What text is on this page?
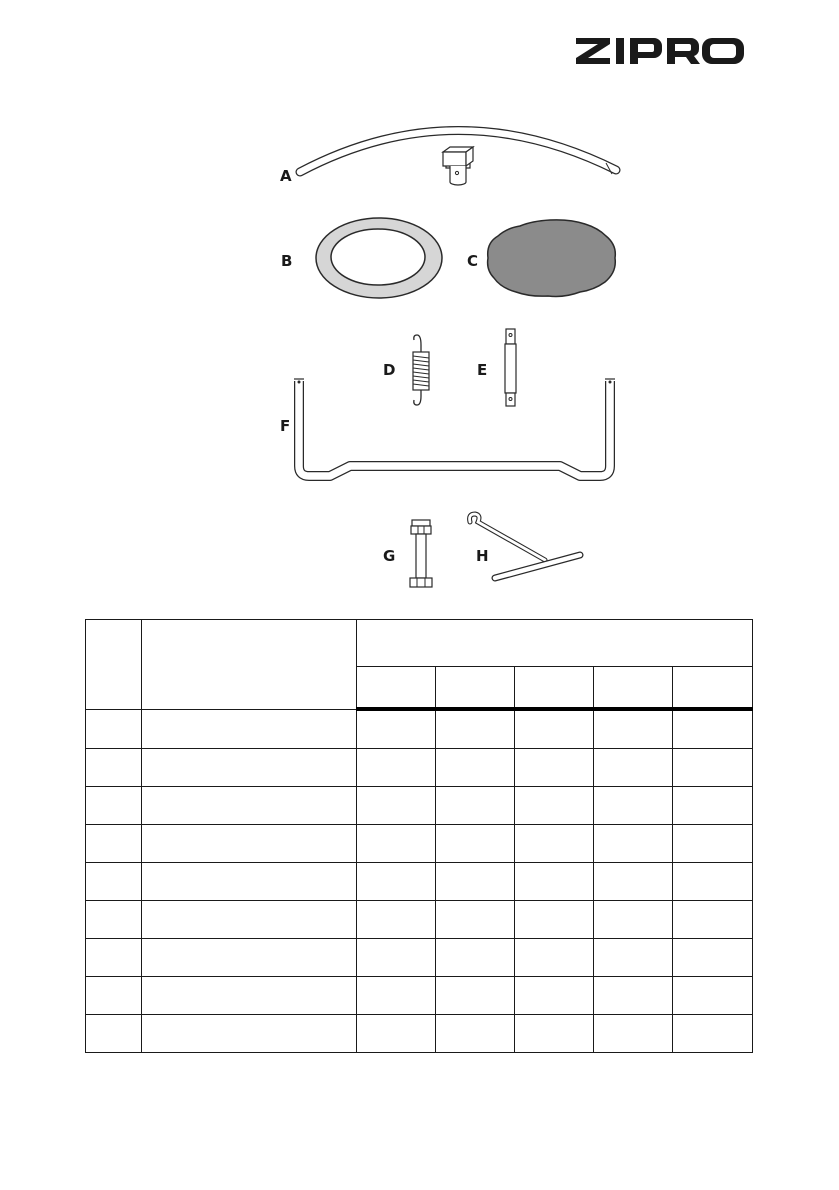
A
B	C
D	E
F
G	H
